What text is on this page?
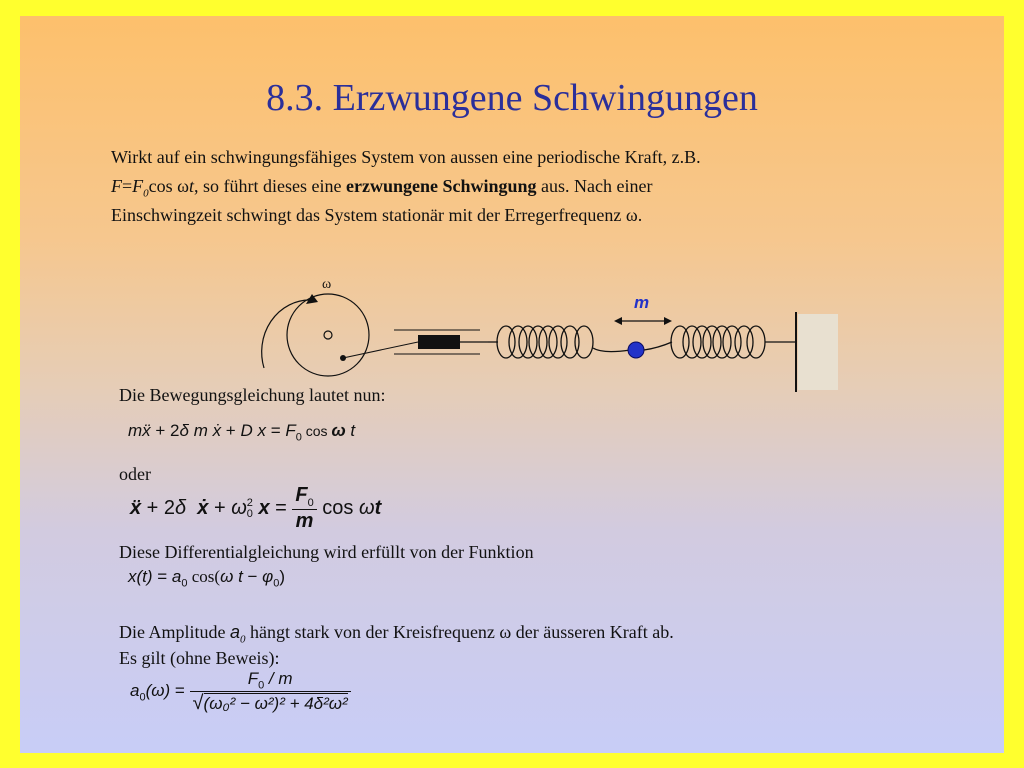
8.3. Erzwungene Schwingungen
Wirkt auf ein schwingungsfähiges System von aussen eine periodische Kraft, z.B.
$F=F_0\cos$ ωt, so führt dieses eine erzwungene Schwingung aus. Nach einer
Einschwingzeit schwingt das System stationär mit der Erregerfrequenz ω.
ω
m
Die Bewegungsgleichung lautet nun:
mẍ + 2δ m ẋ + D $x = F_0$ cos ω t
oder
ẍ + 2δ ẋ + ω 2
0 $x = \frac{F_0}{m}$ cos ωt
Diese Differentialgleichung wird erfüllt von der Funktion
$x(t) = a_0$ cos(ω $t - \varphi_0$)
Die Amplitude $a_0$ hängt stark von der Kreisfrequenz ω der äusseren Kraft ab.
Es gilt (ohne Beweis):
$a_0(\omega) = \frac{F_0 / m}{\text{√(ω₀² − ω²)² + 4δ²ω²}}$
